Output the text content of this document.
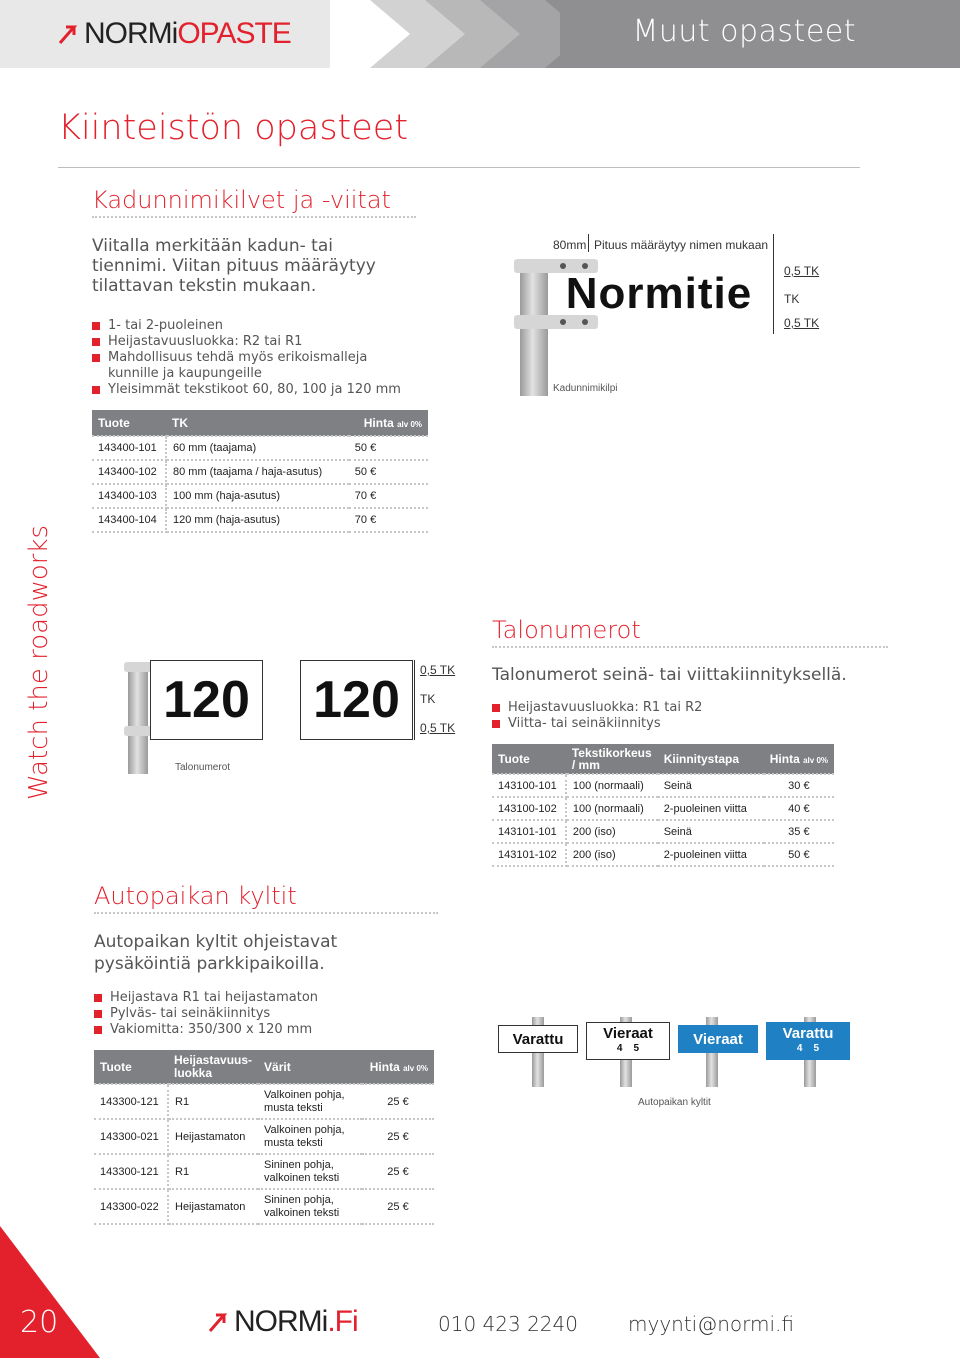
NORMiOPASTE	Muut opasteet
Kiinteistön opasteet
Kadunnimikilvet ja -viitat
Viitalla merkitään kadun- tai tiennimi. Viitan pituus määräytyy tilattavan tekstin mukaan.
1- tai 2-puoleinen
Heijastavuusluokka: R2 tai R1
Mahdollisuus tehdä myös erikoismalleja kunnille ja kaupungeille
Yleisimmät tekstikoot 60, 80, 100 ja 120 mm
80mm Pituus määräytyy nimen mukaan
Normitie	0,5 TK
TK
0,5 TK
Kadunnimikilpi
Tuote	TK	Hinta alv 0%
143400-101	60 mm (taajama)	50 €
143400-102	80 mm (taajama / haja-asutus)	50 €
143400-103	100 mm (haja-asutus)	70 €
143400-104	120 mm (haja-asutus)	70 €
Watch the roadworks 120 120
0,5 TK
TK
0,5 TK
Talonumerot
Talonumerot
Talonumerot seinä- tai viittakiinnityksellä.
Heijastavuusluokka: R1 tai R2
Viitta- tai seinäkiinnitys
Tuote	Tekstikorkeus / mm	Kiinnitystapa	Hinta alv 0%
143100-101	100 (normaali)	Seinä	30 €
143100-102	100 (normaali)	2-puoleinen viitta	40 €
143101-101	200 (iso)	Seinä	35 €
143101-102	200 (iso)	2-puoleinen viitta	50 €
Autopaikan kyltit
Autopaikan kyltit ohjeistavat pysäköintiä parkkipaikoilla.
Heijastava R1 tai heijastamaton
Pylväs- tai seinäkiinnitys
Vakiomitta: 350/300 x 120 mm
Tuote	Heijastavuus-luokka	Värit	Hinta alv 0%
143300-121	R1	Valkoinen pohja, musta teksti	25 €
143300-021	Heijastamaton	Valkoinen pohja, musta teksti	25 €
143300-121	R1	Sininen pohja, valkoinen teksti	25 €
143300-022	Heijastamaton	Sininen pohja, valkoinen teksti	25 €
Varattu	Vieraat
4    5
Vieraat	Varattu
4    5
Autopaikan kyltit
20	NORMi.Fi	010 423 2240	myynti@normi.fi
